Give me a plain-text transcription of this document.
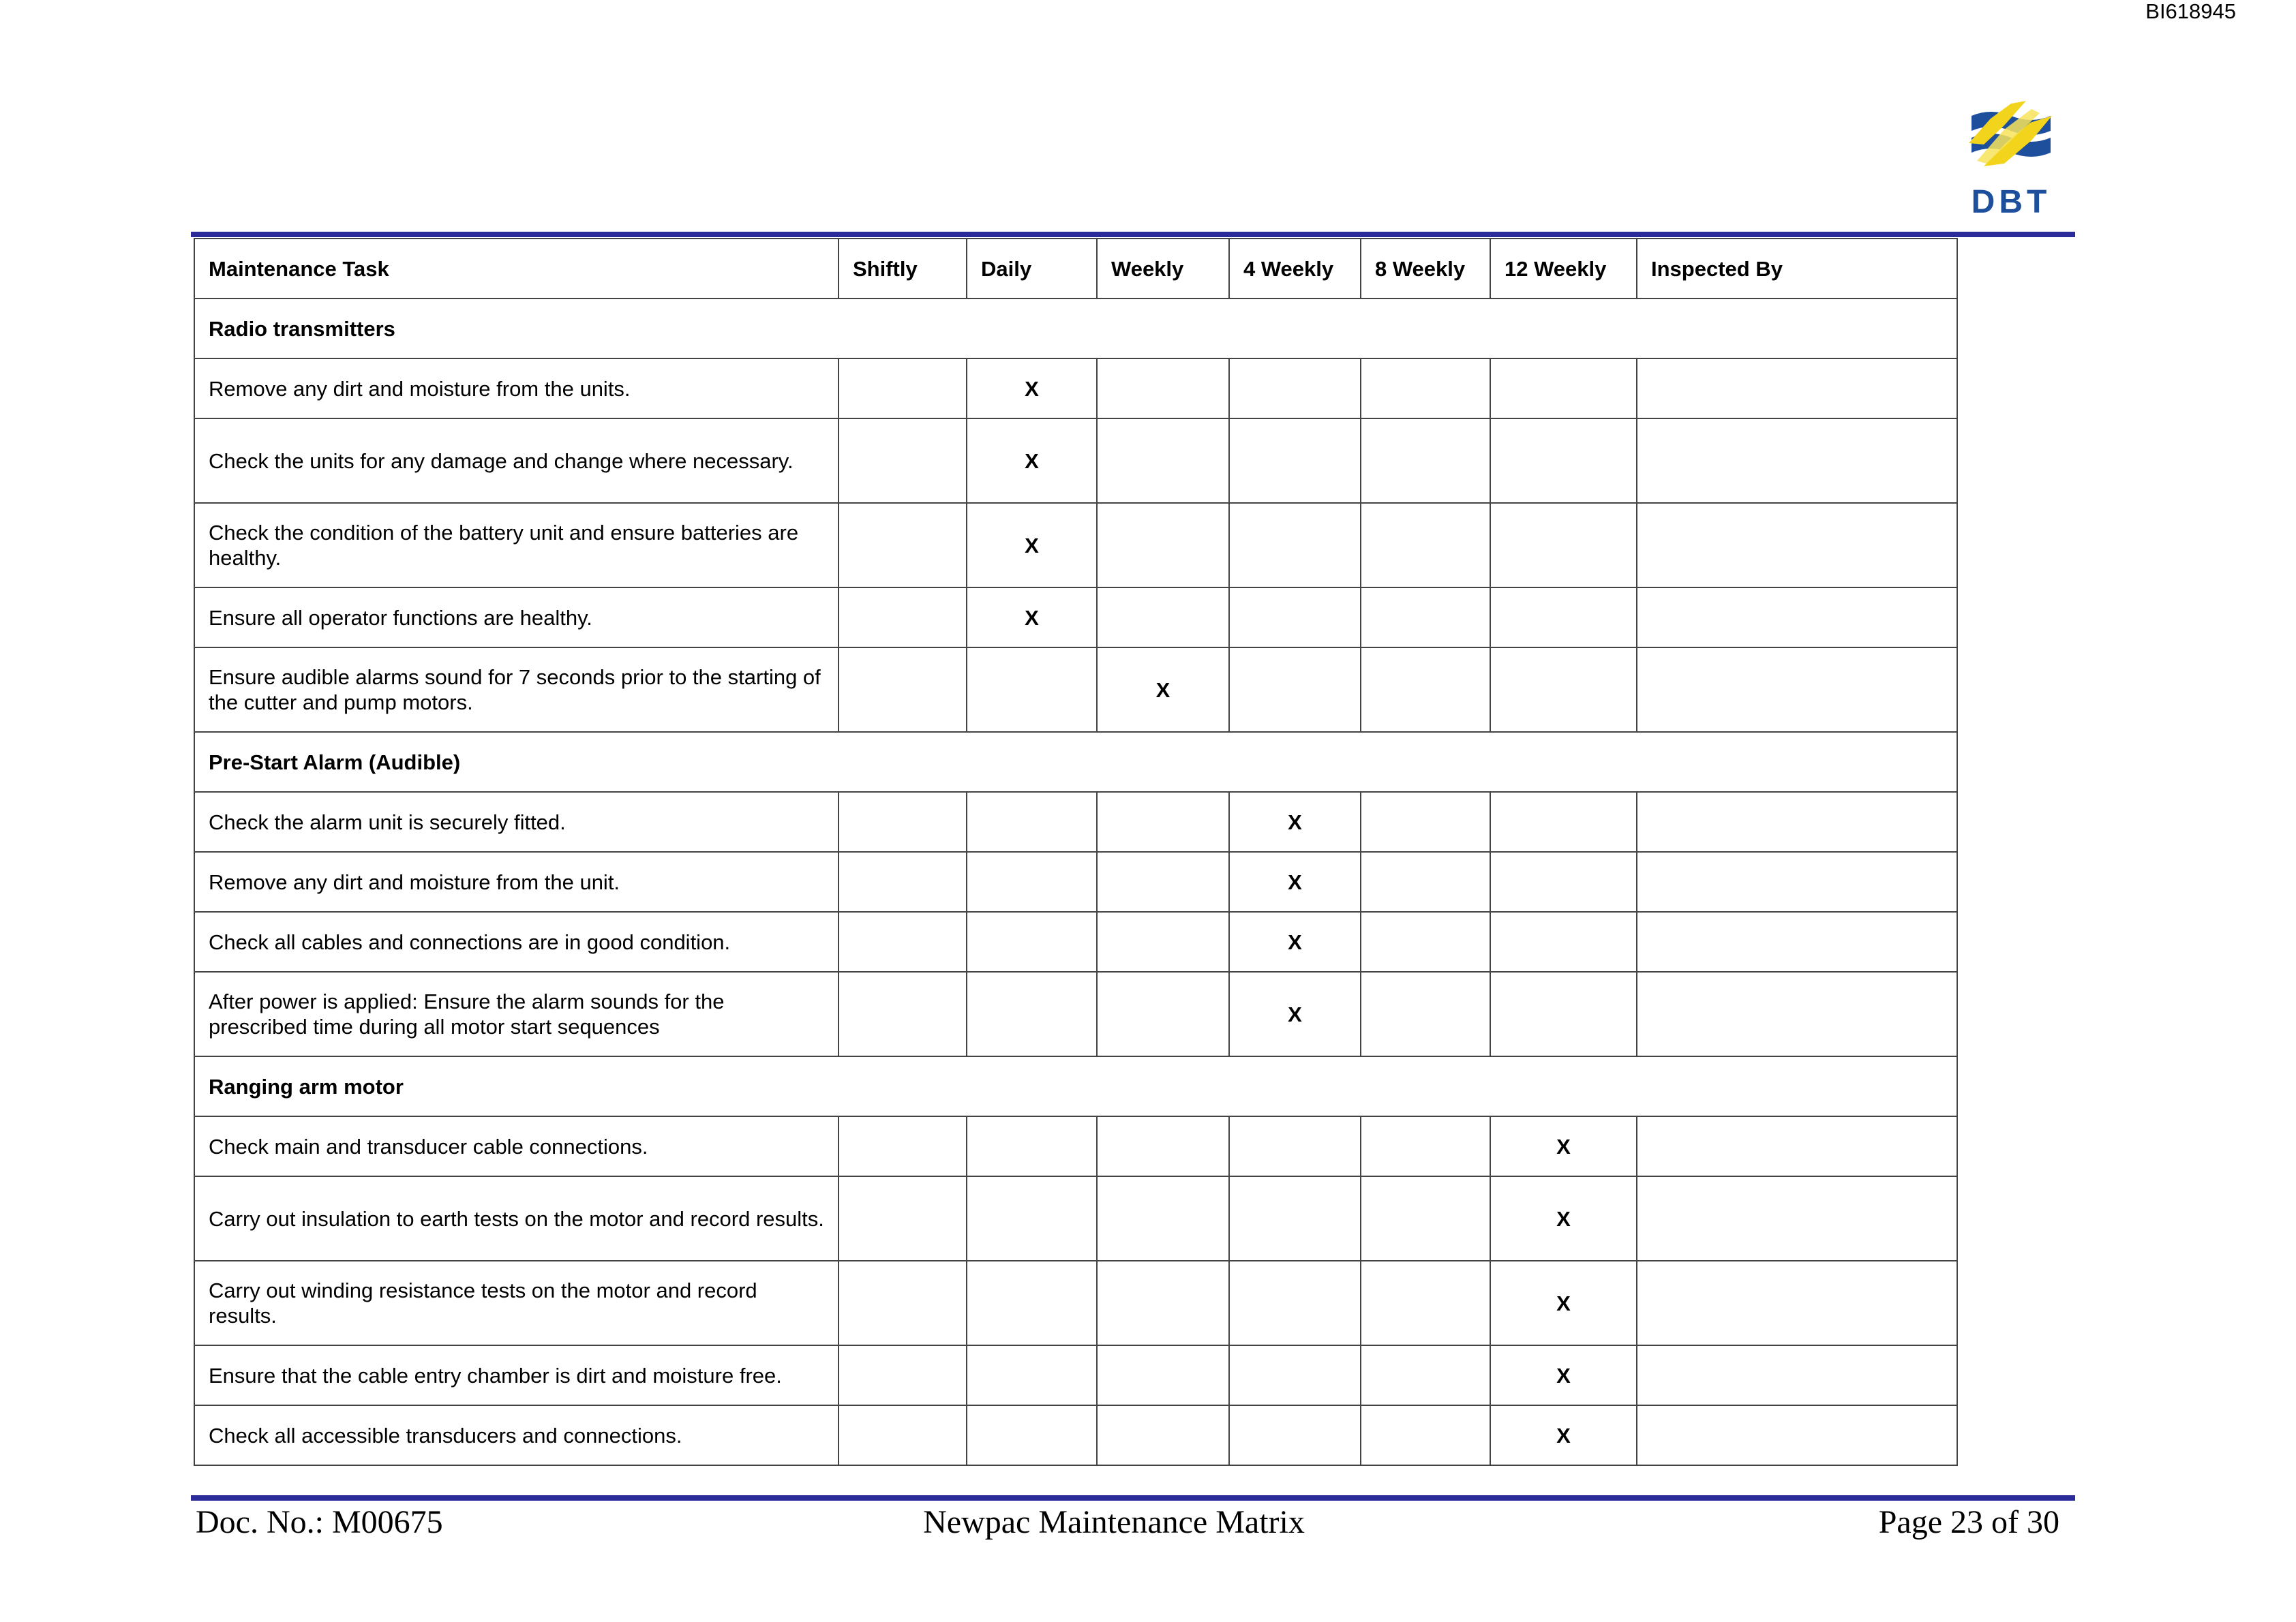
BI618945
DBT
Maintenance Task	Shiftly	Daily	Weekly	4 Weekly	8 Weekly	12 Weekly	Inspected By
Radio transmitters							
Remove any dirt and moisture from the units.		X					
Check the units for any damage and change where necessary.		X					
Check the condition of the battery unit and ensure batteries are healthy.		X					
Ensure all operator functions are healthy.		X					
Ensure audible alarms sound for 7 seconds prior to the starting of the cutter and pump motors.			X				
Pre-Start Alarm (Audible)							
Check the alarm unit is securely fitted.				X			
Remove any dirt and moisture from the unit.				X			
Check all cables and connections are in good condition.				X			
After power is applied: Ensure the alarm sounds for the prescribed time during all motor start sequences				X			
Ranging arm motor							
Check main and transducer cable connections.						X	
Carry out insulation to earth tests on the motor and record results.						X	
Carry out winding resistance tests on the motor and record results.						X	
Ensure that the cable entry chamber is dirt and moisture free.						X	
Check all accessible transducers and connections.						X	
Doc. No.: M00675	Newpac Maintenance Matrix	Page 23 of 30
